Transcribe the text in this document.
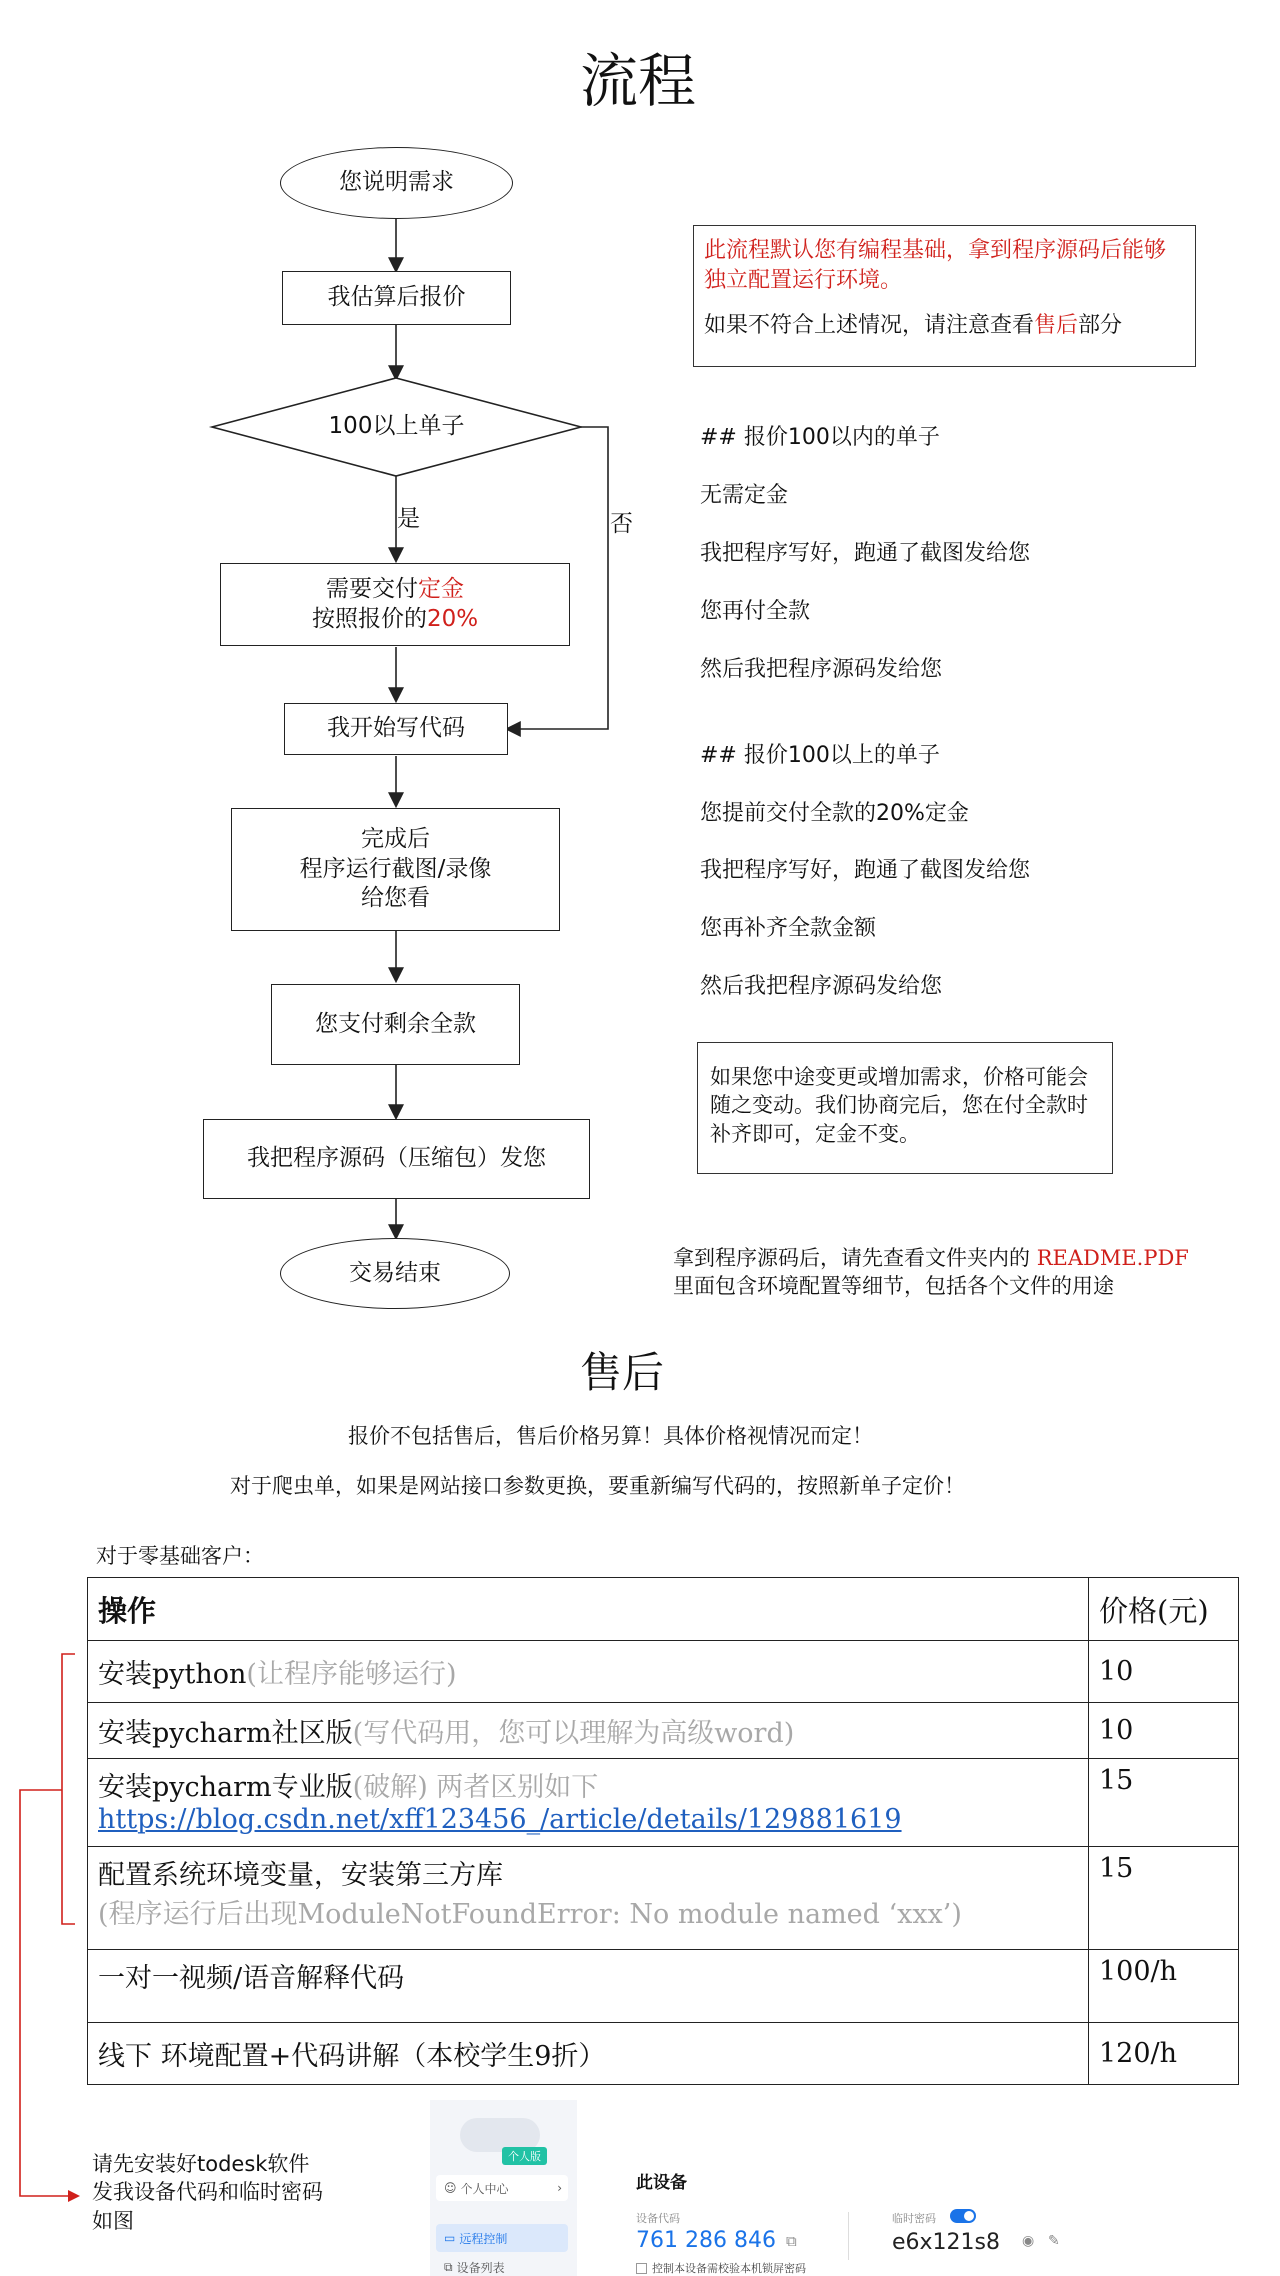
流程
您说明需求
我估算后报价
100以上单子
是	否
需要交付定金
按照报价的20%
我开始写代码
完成后
程序运行截图/录像
给您看
您支付剩余全款
我把程序源码（压缩包）发您
交易结束
此流程默认您有编程基础，拿到程序源码后能够独立配置运行环境。
如果不符合上述情况，请注意查看售后部分
## 报价100以内的单子
无需定金
我把程序写好，跑通了截图发给您
您再付全款
然后我把程序源码发给您
## 报价100以上的单子
您提前交付全款的20%定金
我把程序写好，跑通了截图发给您
您再补齐全款金额
然后我把程序源码发给您
如果您中途变更或增加需求，价格可能会随之变动。我们协商完后，您在付全款时补齐即可，定金不变。
拿到程序源码后，请先查看文件夹内的 README.PDF
里面包含环境配置等细节，包括各个文件的用途
售后
报价不包括售后，售后价格另算！具体价格视情况而定！
对于爬虫单，如果是网站接口参数更换，要重新编写代码的，按照新单子定价！
对于零基础客户：
操作	价格(元)
安装python(让程序能够运行)	10
安装pycharm社区版(写代码用，您可以理解为高级word)	10

安装pycharm专业版(破解) 两者区别如下
https://blog.csdn.net/xff123456_/article/details/129881619	15

配置系统环境变量，安装第三方库
(程序运行后出现ModuleNotFoundError: No module named ‘xxx’)	15
一对一视频/语音解释代码	100/h
线下 环境配置+代码讲解（本校学生9折）	120/h
请先安装好todesk软件
发我设备代码和临时密码
如图
个人版
☺ 个人中心	›
▭ 远程控制
⧉ 设备列表
此设备
设备代码
761 286 846 ⧉
临时密码
e6x121s8 ◉ ✎
控制本设备需校验本机锁屏密码
